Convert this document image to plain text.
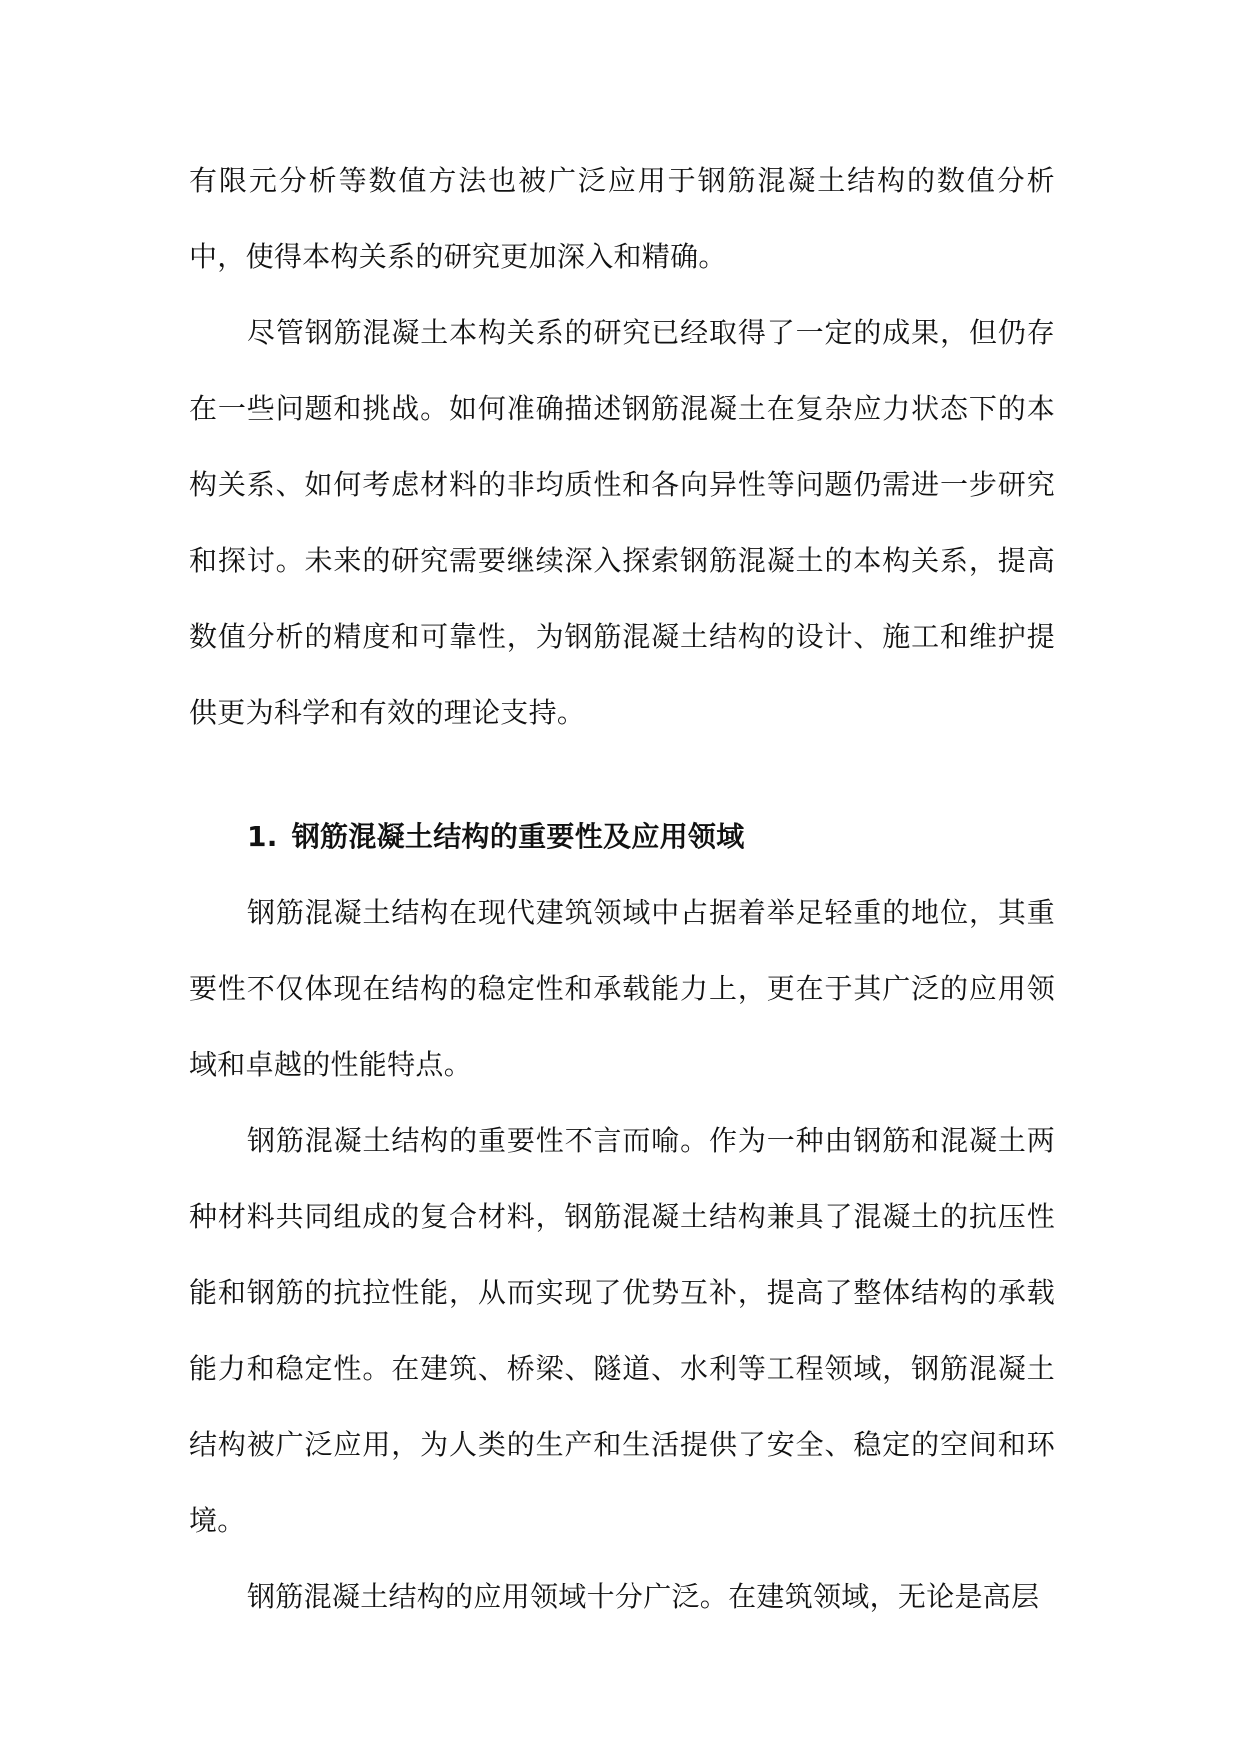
有限元分析等数值方法也被广泛应用于钢筋混凝土结构的数值分析中，使得本构关系的研究更加深入和精确。

尽管钢筋混凝土本构关系的研究已经取得了一定的成果，但仍存在一些问题和挑战。如何准确描述钢筋混凝土在复杂应力状态下的本构关系、如何考虑材料的非均质性和各向异性等问题仍需进一步研究和探讨。未来的研究需要继续深入探索钢筋混凝土的本构关系，提高数值分析的精度和可靠性，为钢筋混凝土结构的设计、施工和维护提供更为科学和有效的理论支持。

1. 钢筋混凝土结构的重要性及应用领域

钢筋混凝土结构在现代建筑领域中占据着举足轻重的地位，其重要性不仅体现在结构的稳定性和承载能力上，更在于其广泛的应用领域和卓越的性能特点。

钢筋混凝土结构的重要性不言而喻。作为一种由钢筋和混凝土两种材料共同组成的复合材料，钢筋混凝土结构兼具了混凝土的抗压性能和钢筋的抗拉性能，从而实现了优势互补，提高了整体结构的承载能力和稳定性。在建筑、桥梁、隧道、水利等工程领域，钢筋混凝土结构被广泛应用，为人类的生产和生活提供了安全、稳定的空间和环境。

钢筋混凝土结构的应用领域十分广泛。在建筑领域，无论是高层
